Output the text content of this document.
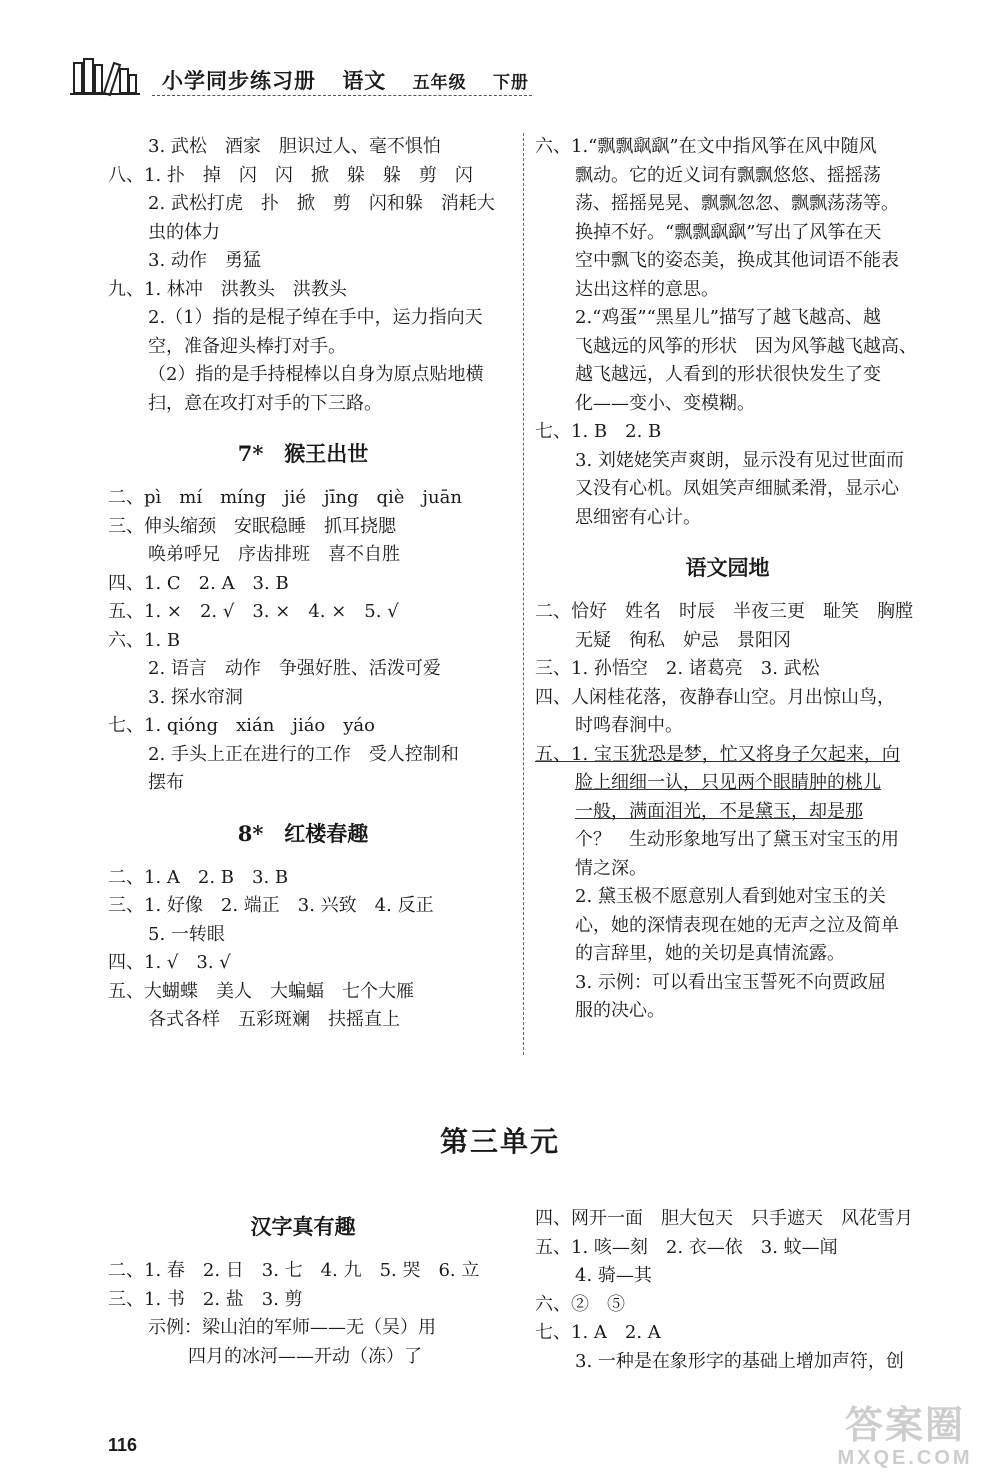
小学同步练习册 语文 五年级 下册
3. 武松　酒家　胆识过人、毫不惧怕
八、1. 扑　掉　闪　闪　掀　躲　躲　剪　闪
2. 武松打虎　扑　掀　剪　闪和躲　消耗大
虫的体力
3. 动作　勇猛
九、1. 林冲　洪教头　洪教头
2.（1）指的是棍子绰在手中，运力指向天
空，准备迎头棒打对手。
（2）指的是手持棍棒以自身为原点贴地横
扫，意在攻打对手的下三路。
7*　猴王出世
二、pì　mí　míng　jié　jīng　qiè　juān
三、伸头缩颈　安眠稳睡　抓耳挠腮
唤弟呼兄　序齿排班　喜不自胜
四、1. C　2. A　3. B
五、1. ×　2. √　3. ×　4. ×　5. √
六、1. B
2. 语言　动作　争强好胜、活泼可爱
3. 探水帘洞
七、1. qióng　xián　jiáo　yáo
2. 手头上正在进行的工作　受人控制和
摆布
8*　红楼春趣
二、1. A　2. B　3. B
三、1. 好像　2. 端正　3. 兴致　4. 反正
5. 一转眼
四、1. √　3. √
五、大蝴蝶　美人　大蝙蝠　七个大雁
各式各样　五彩斑斓　扶摇直上
六、1.“飘飘飖飖”在文中指风筝在风中随风
飘动。它的近义词有飘飘悠悠、摇摇荡
荡、摇摇晃晃、飘飘忽忽、飘飘荡荡等。
换掉不好。“飘飘飖飖”写出了风筝在天
空中飘飞的姿态美，换成其他词语不能表
达出这样的意思。
2.“鸡蛋”“黑星儿”描写了越飞越高、越
飞越远的风筝的形状　因为风筝越飞越高、
越飞越远，人看到的形状很快发生了变
化——变小、变模糊。
七、1. B　2. B
3. 刘姥姥笑声爽朗，显示没有见过世面而
又没有心机。凤姐笑声细腻柔滑，显示心
思细密有心计。
语文园地
二、恰好　姓名　时辰　半夜三更　耻笑　胸膛
无疑　徇私　妒忌　景阳冈
三、1. 孙悟空　2. 诸葛亮　3. 武松
四、人闲桂花落，夜静春山空。月出惊山鸟，
时鸣春涧中。
五、1. 宝玉犹恐是梦，忙又将身子欠起来，向
脸上细细一认，只见两个眼睛肿的桃儿
一般，满面泪光，不是黛玉，却是那
个？　生动形象地写出了黛玉对宝玉的用
情之深。
2. 黛玉极不愿意别人看到她对宝玉的关
心，她的深情表现在她的无声之泣及简单
的言辞里，她的关切是真情流露。
3. 示例：可以看出宝玉誓死不向贾政屈
服的决心。
第三单元
汉字真有趣
二、1. 春　2. 日　3. 七　4. 九　5. 哭　6. 立
三、1. 书　2. 盐　3. 剪
示例：梁山泊的军师——无（吴）用
四月的冰河——开动（冻）了
四、网开一面　胆大包天　只手遮天　风花雪月
五、1. 咳—刻　2. 衣—依　3. 蚊—闻
4. 骑—其
六、②　⑤
七、1. A　2. A
3. 一种是在象形字的基础上增加声符，创
116	答案圈
MXQE.COM
